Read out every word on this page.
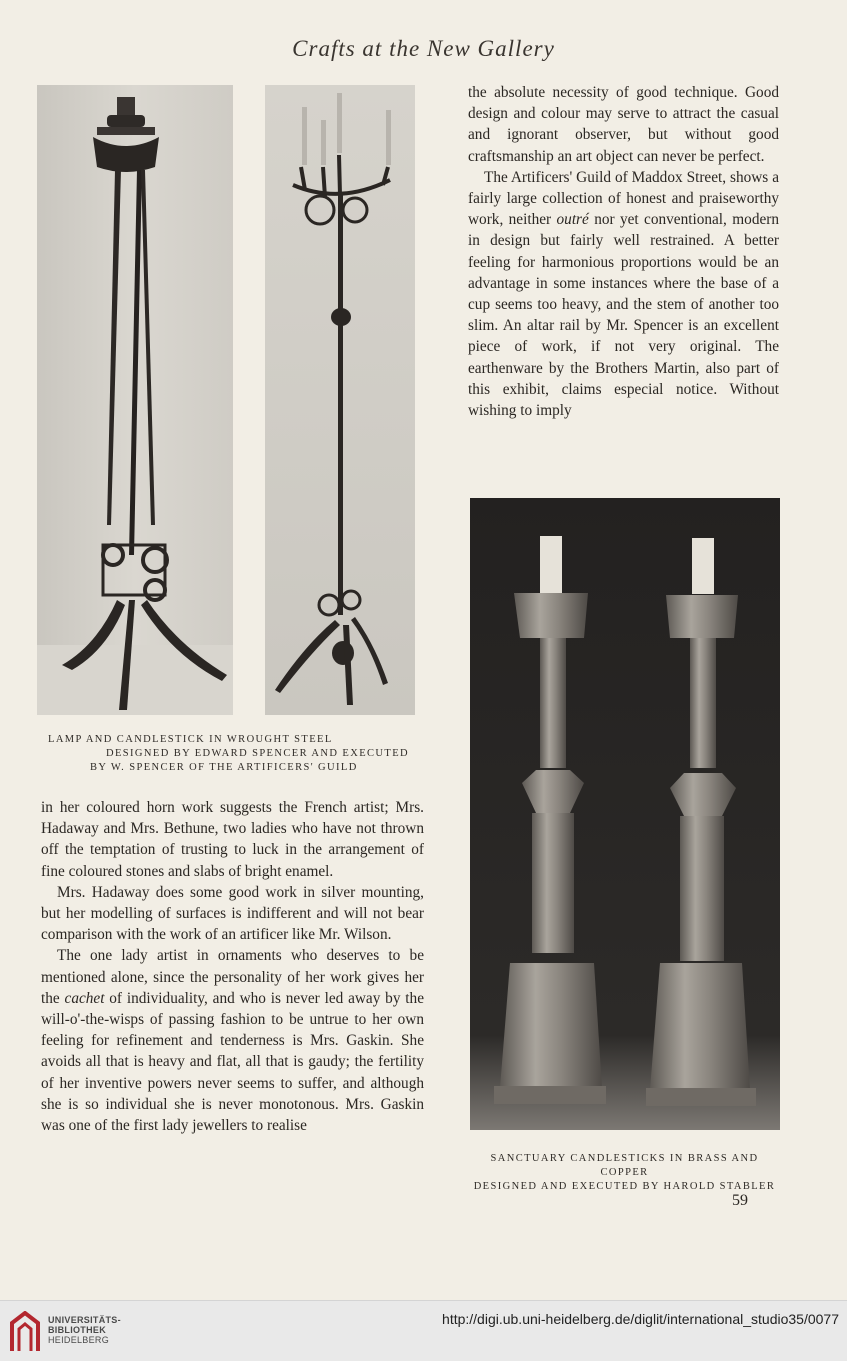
Crafts at the New Gallery

the absolute necessity of good technique. Good design and colour may serve to attract the casual and ignorant observer, but without good craftsmanship an art object can never be perfect.

The Artificers' Guild of Maddox Street, shows a fairly large collection of honest and praiseworthy work, neither outré nor yet conventional, modern in design but fairly well restrained. A better feeling for harmonious proportions would be an advantage in some instances where the base of a cup seems too heavy, and the stem of another too slim. An altar rail by Mr. Spencer is an excellent piece of work, if not very original. The earthenware by the Brothers Martin, also part of this exhibit, claims especial notice. Without wishing to imply

LAMP AND CANDLESTICK IN WROUGHT STEEL
DESIGNED BY EDWARD SPENCER AND EXECUTED
BY W. SPENCER OF THE ARTIFICERS' GUILD

in her coloured horn work suggests the French artist; Mrs. Hadaway and Mrs. Bethune, two ladies who have not thrown off the temptation of trusting to luck in the arrangement of fine coloured stones and slabs of bright enamel.

Mrs. Hadaway does some good work in silver mounting, but her modelling of surfaces is indifferent and will not bear comparison with the work of an artificer like Mr. Wilson.

The one lady artist in ornaments who deserves to be mentioned alone, since the personality of her work gives her the cachet of individuality, and who is never led away by the will-o'-the-wisps of passing fashion to be untrue to her own feeling for refinement and tenderness is Mrs. Gaskin. She avoids all that is heavy and flat, all that is gaudy; the fertility of her inventive powers never seems to suffer, and although she is so individual she is never monotonous. Mrs. Gaskin was one of the first lady jewellers to realise

SANCTUARY CANDLESTICKS IN BRASS AND COPPER
DESIGNED AND EXECUTED BY HAROLD STABLER
59
UNIVERSITÄTS-
BIBLIOTHEK
HEIDELBERG
http://digi.ub.uni-heidelberg.de/diglit/international_studio35/0077
